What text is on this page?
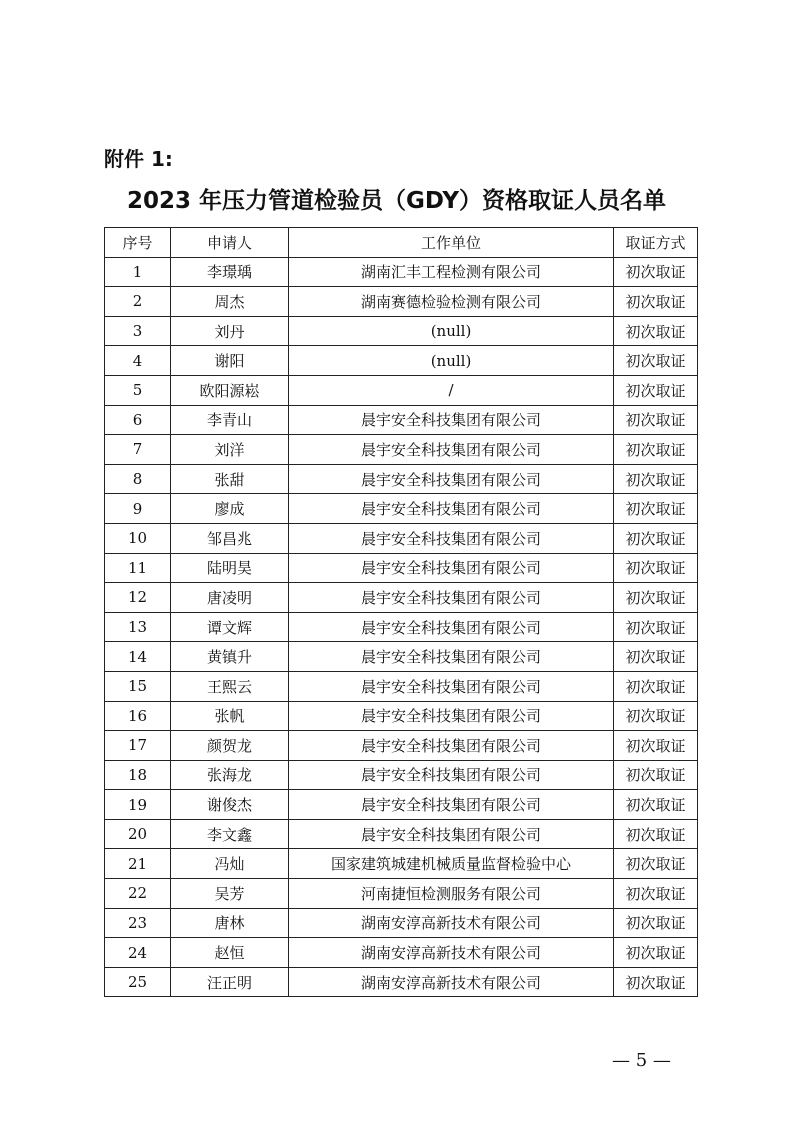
附件 1:
2023 年压力管道检验员（GDY）资格取证人员名单
序号	申请人	工作单位	取证方式
1	李璟瑀	湖南汇丰工程检测有限公司	初次取证
2	周杰	湖南赛德检验检测有限公司	初次取证
3	刘丹	(null)	初次取证
4	谢阳	(null)	初次取证
5	欧阳源崧	/	初次取证
6	李青山	晨宇安全科技集团有限公司	初次取证
7	刘洋	晨宇安全科技集团有限公司	初次取证
8	张甜	晨宇安全科技集团有限公司	初次取证
9	廖成	晨宇安全科技集团有限公司	初次取证
10	邹昌兆	晨宇安全科技集团有限公司	初次取证
11	陆明昊	晨宇安全科技集团有限公司	初次取证
12	唐凌明	晨宇安全科技集团有限公司	初次取证
13	谭文辉	晨宇安全科技集团有限公司	初次取证
14	黄镇升	晨宇安全科技集团有限公司	初次取证
15	王熙云	晨宇安全科技集团有限公司	初次取证
16	张帆	晨宇安全科技集团有限公司	初次取证
17	颜贺龙	晨宇安全科技集团有限公司	初次取证
18	张海龙	晨宇安全科技集团有限公司	初次取证
19	谢俊杰	晨宇安全科技集团有限公司	初次取证
20	李文鑫	晨宇安全科技集团有限公司	初次取证
21	冯灿	国家建筑城建机械质量监督检验中心	初次取证
22	吴芳	河南捷恒检测服务有限公司	初次取证
23	唐林	湖南安淳高新技术有限公司	初次取证
24	赵恒	湖南安淳高新技术有限公司	初次取证
25	汪正明	湖南安淳高新技术有限公司	初次取证
— 5 —
